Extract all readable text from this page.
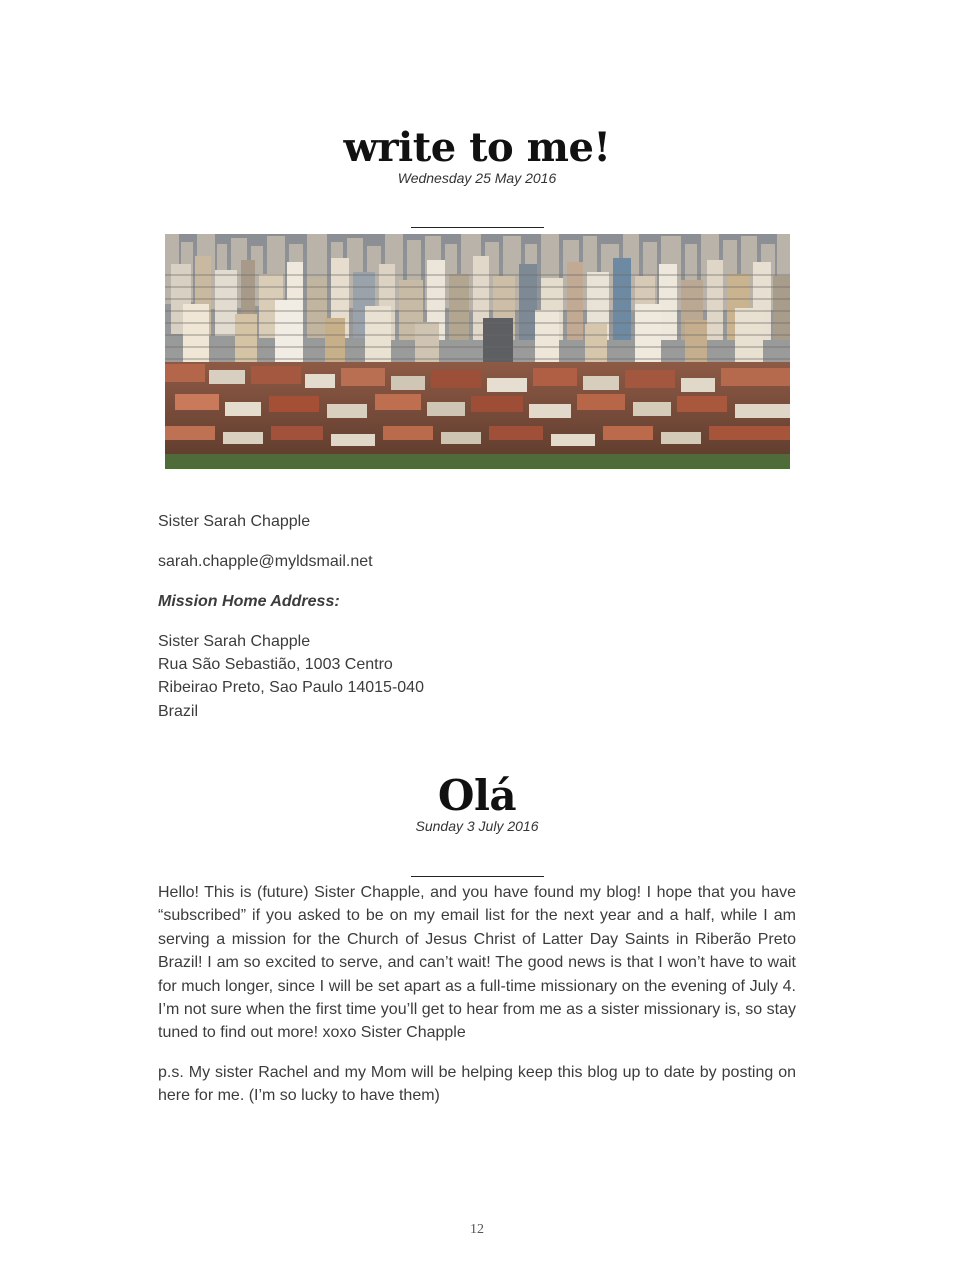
write to me!
Wednesday 25 May 2016
Sister Sarah Chapple
sarah.chapple@myldsmail.net
Mission Home Address:
Sister Sarah Chapple
Rua São Sebastião, 1003 Centro
Ribeirao Preto, Sao Paulo 14015-040
Brazil
Olá
Sunday 3 July 2016

Hello! This is (future) Sister Chapple, and you have found my blog! I hope that you have “subscribed” if you asked to be on my email list for the next year and a half, while I am serving a mission for the Church of Jesus Christ of Latter Day Saints in Riberão Preto Brazil! I am so excited to serve, and can’t wait! The good news is that I won’t have to wait for much longer, since I will be set apart as a full-time missionary on the evening of July 4. I’m not sure when the first time you’ll get to hear from me as a sister missionary is, so stay tuned to find out more! xoxo Sister Chapple

p.s. My sister Rachel and my Mom will be helping keep this blog up to date by posting on here for me. (I’m so lucky to have them)

12
